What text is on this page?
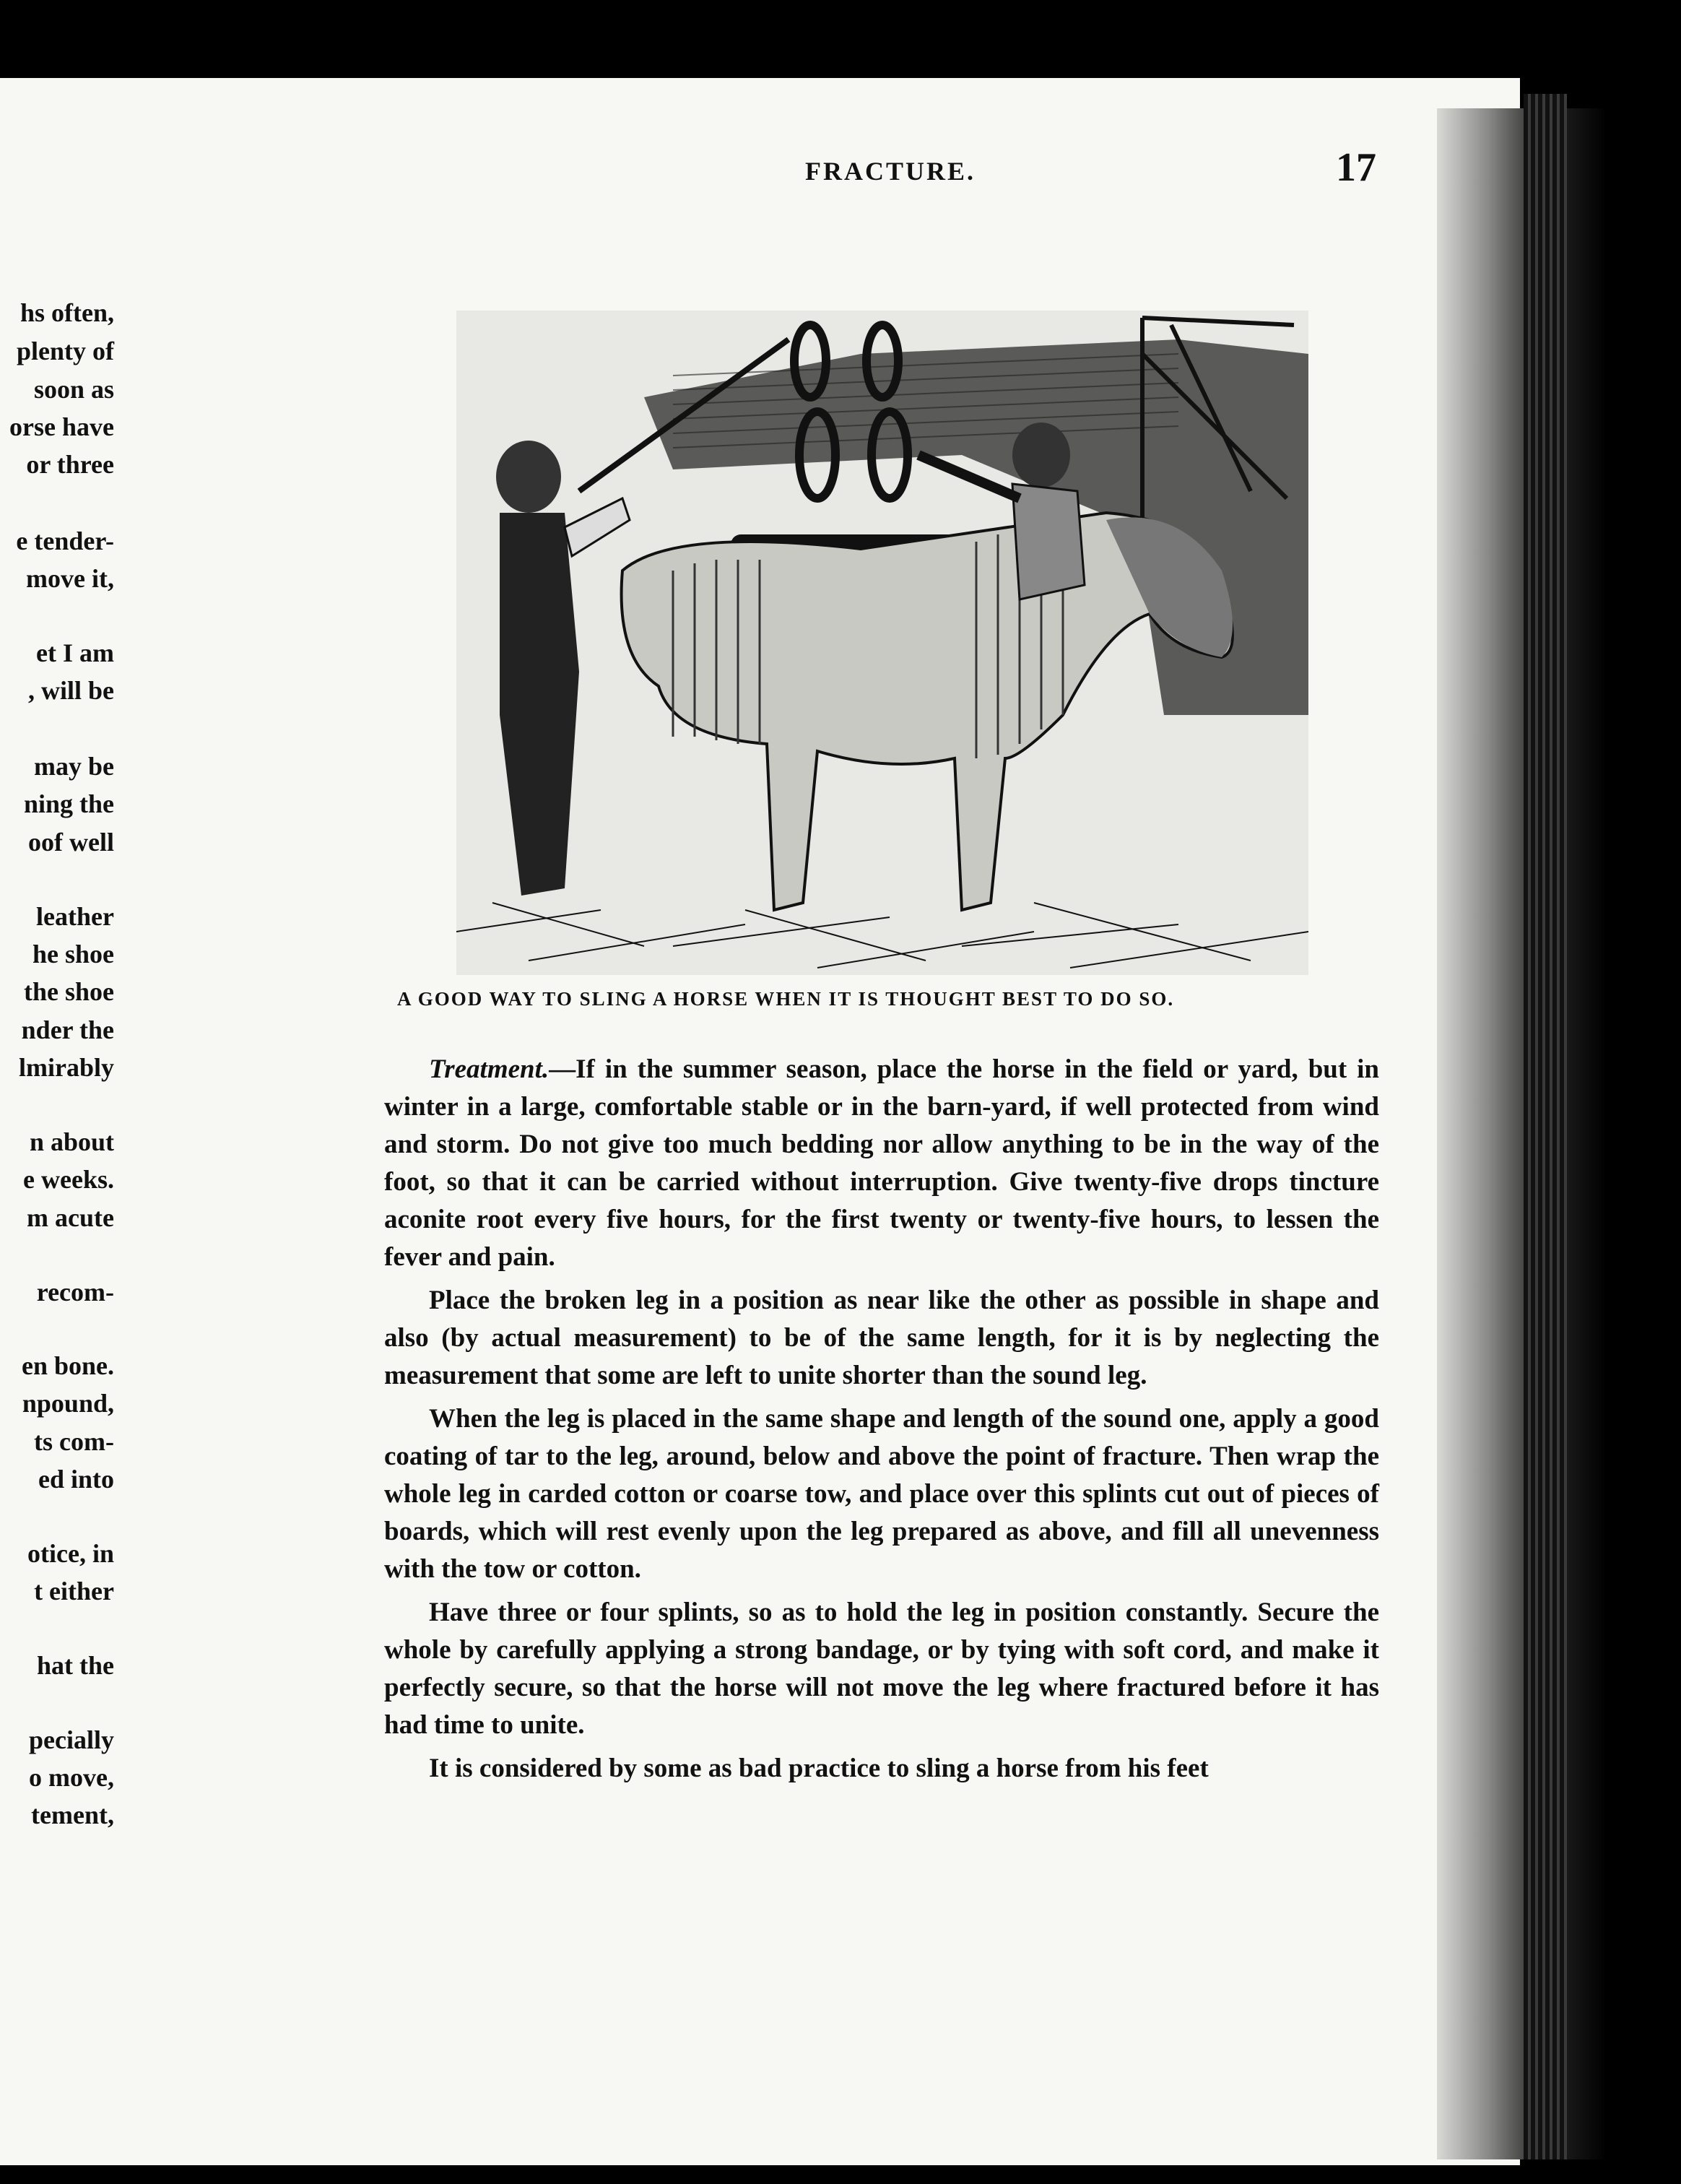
hs often,
plenty of
soon as
orse have
or three
e tender-
move it,
et I am
, will be
may be
ning the
oof well
leather
he shoe
the shoe
nder the
lmirably
n about
e weeks.
m acute
recom-
en bone.
npound,
ts com-
ed into
otice, in
t either
hat the
pecially
o move,
tement,
FRACTURE.	17
A GOOD WAY TO SLING A HORSE WHEN IT IS THOUGHT BEST TO DO SO.

Treatment.—If in the summer season, place the horse in the field or yard, but in winter in a large, comfortable stable or in the barn-yard, if well protected from wind and storm. Do not give too much bedding nor allow anything to be in the way of the foot, so that it can be carried without interruption. Give twenty-five drops tincture aconite root every five hours, for the first twenty or twenty-five hours, to lessen the fever and pain.

Place the broken leg in a position as near like the other as possible in shape and also (by actual measurement) to be of the same length, for it is by neglecting the measurement that some are left to unite shorter than the sound leg.

When the leg is placed in the same shape and length of the sound one, apply a good coating of tar to the leg, around, below and above the point of fracture. Then wrap the whole leg in carded cotton or coarse tow, and place over this splints cut out of pieces of boards, which will rest evenly upon the leg prepared as above, and fill all unevenness with the tow or cotton.

Have three or four splints, so as to hold the leg in position constantly. Secure the whole by carefully applying a strong bandage, or by tying with soft cord, and make it perfectly secure, so that the horse will not move the leg where fractured before it has had time to unite.

It is considered by some as bad practice to sling a horse from his feet
